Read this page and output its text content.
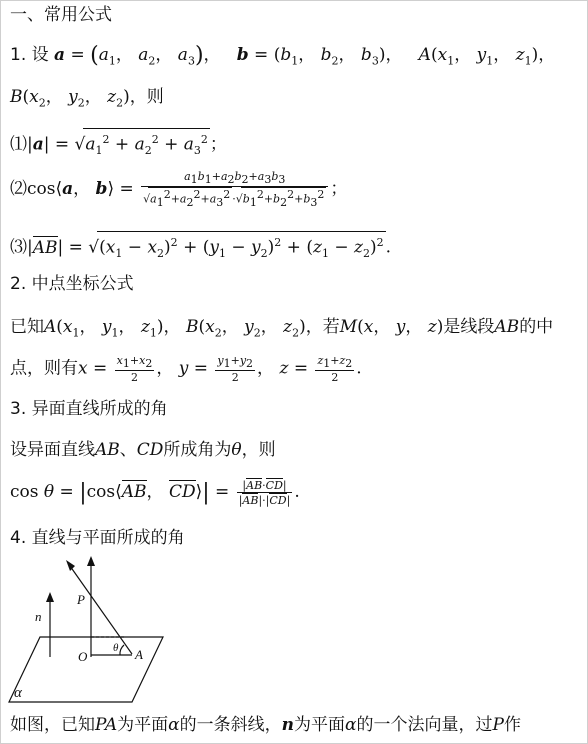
一、常用公式
1. 设 $a = (a_1$， $a_2$， $a_3$)， $b = (b_1$， $b_2$， $b_3$)， $A(x_1$， $y_1$， $z_1$)，
$B(x_2$， $y_2$， $z_2$)，则
⑴|a| = $√a_1^2 + a_2^2 + a_3^2$ ；
⑵cos⟨a， b⟩ = $\frac{a_1b_1+a_2b_2+a_3b_3}{√a_1^2+a_2^2+a_3^2 \cdot√b_1^2+b_2^2+b_3^2}$ ；
⑶|AB| = $√(x_1 - x_2)^2 + (y_1 - y_2)^2 + (z_1 - z_2)^2$ .
2. 中点坐标公式
已知$A(x_1$， $y_1$， $z_1$)， $B(x_2$， $y_2$， $z_2$)，若M(x， y， z)是线段AB的中
点，则有$x = \frac{x_1+x_2}{2}$ ， $y = \frac{y_1+y_2}{2}$ ， $z = \frac{z_1+z_2}{2}$ .
3. 异面直线所成的角
设异面直线AB、CD所成角为θ，则
cos θ = |cos⟨AB， CD⟩| = $\frac{|AB\cdot CD|}{|AB|\cdot|CD|}$ .
4. 直线与平面所成的角
n
P
O
θ A
α
如图，已知PA为平面α的一条斜线，n为平面α的一个法向量，过P作
